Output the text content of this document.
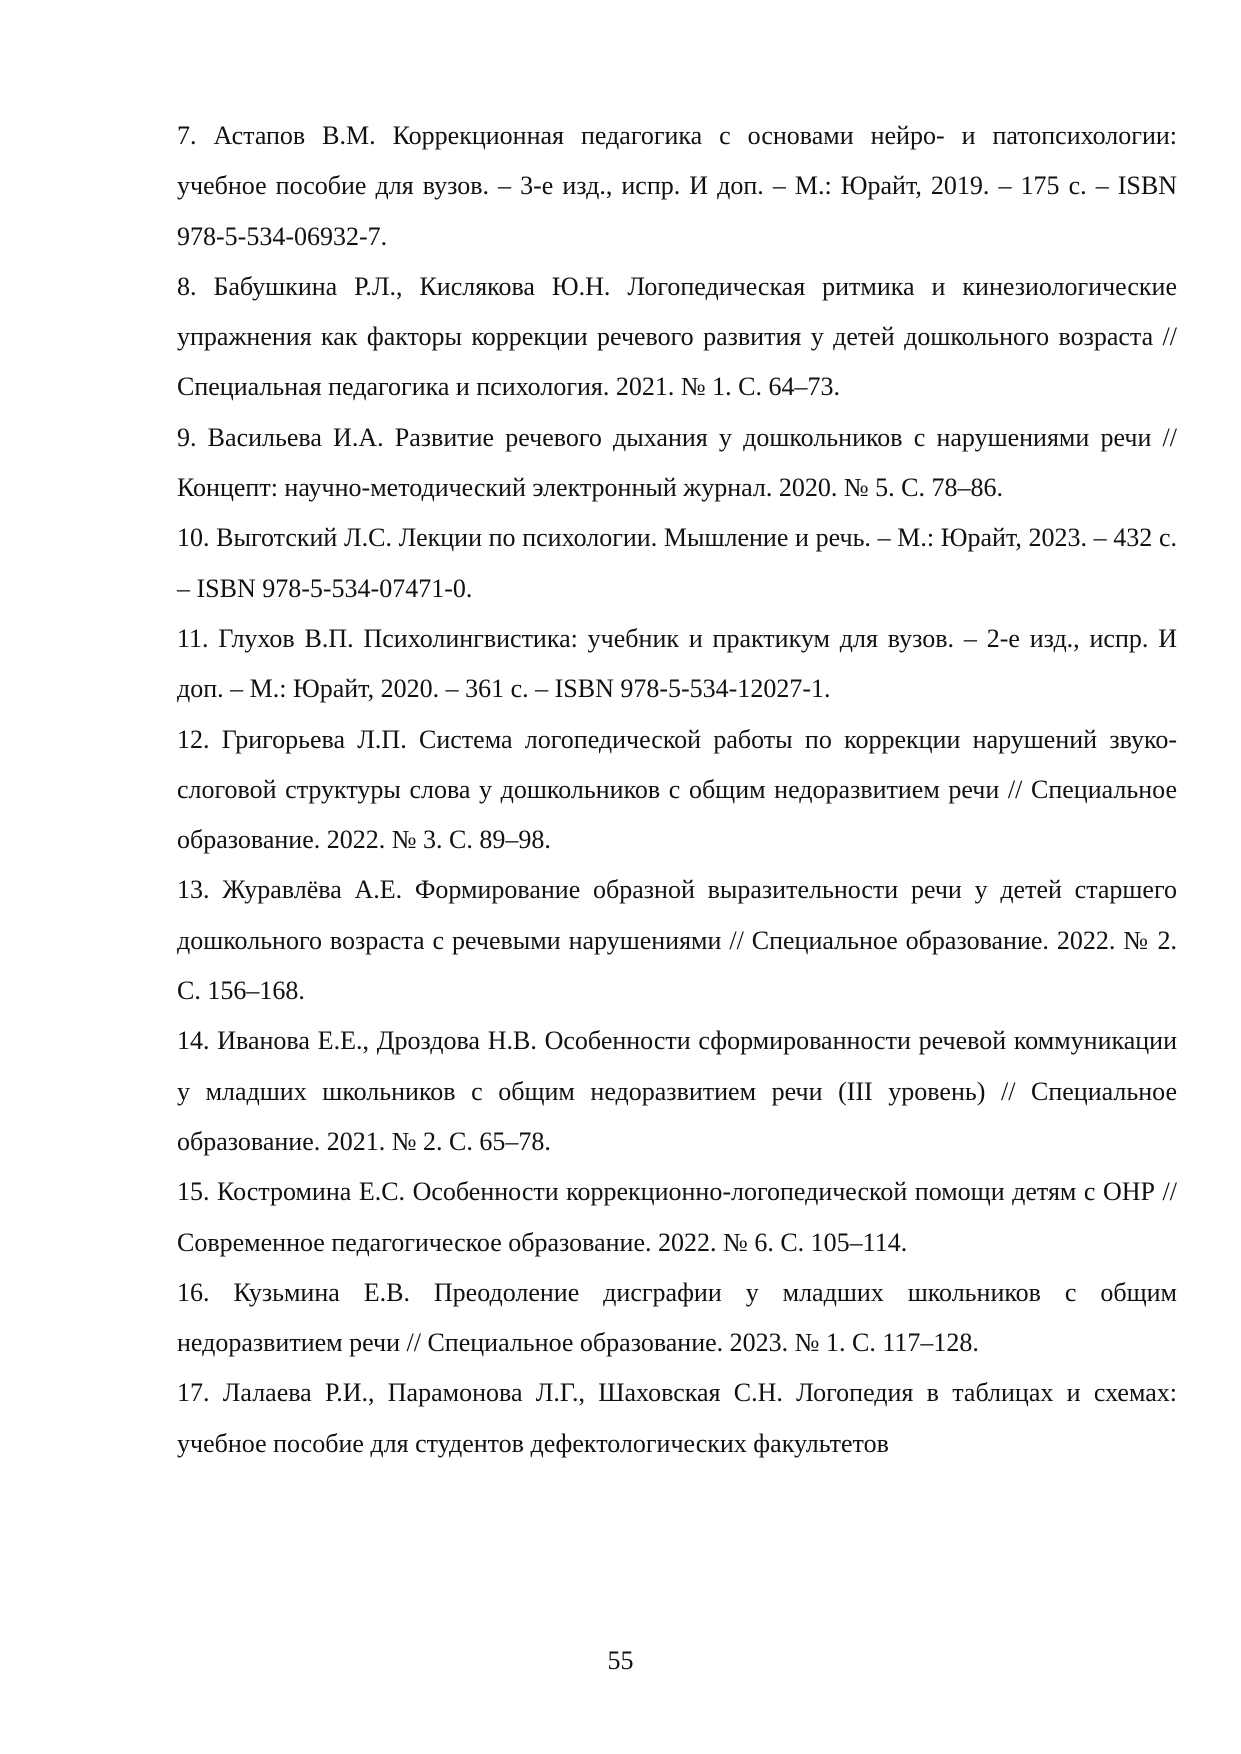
7. Астапов В.М. Коррекционная педагогика с основами нейро- и патопсихологии: учебное пособие для вузов. – 3-е изд., испр. И доп. – М.: Юрайт, 2019. – 175 с. – ISBN 978-5-534-06932-7.
8. Бабушкина Р.Л., Кислякова Ю.Н. Логопедическая ритмика и кинезиологические упражнения как факторы коррекции речевого развития у детей дошкольного возраста // Специальная педагогика и психология. 2021. № 1. С. 64–73.
9. Васильева И.А. Развитие речевого дыхания у дошкольников с нарушениями речи // Концепт: научно-методический электронный журнал. 2020. № 5. С. 78–86.
10. Выготский Л.С. Лекции по психологии. Мышление и речь. – М.: Юрайт, 2023. – 432 с. – ISBN 978-5-534-07471-0.
11. Глухов В.П. Психолингвистика: учебник и практикум для вузов. – 2-е изд., испр. И доп. – М.: Юрайт, 2020. – 361 с. – ISBN 978-5-534-12027-1.
12. Григорьева Л.П. Система логопедической работы по коррекции нарушений звуко-слоговой структуры слова у дошкольников с общим недоразвитием речи // Специальное образование. 2022. № 3. С. 89–98.
13. Журавлёва А.Е. Формирование образной выразительности речи у детей старшего дошкольного возраста с речевыми нарушениями // Специальное образование. 2022. № 2. С. 156–168.
14. Иванова Е.Е., Дроздова Н.В. Особенности сформированности речевой коммуникации у младших школьников с общим недоразвитием речи (III уровень) // Специальное образование. 2021. № 2. С. 65–78.
15. Костромина Е.С. Особенности коррекционно-логопедической помощи детям с ОНР // Современное педагогическое образование. 2022. № 6. С. 105–114.
16. Кузьмина Е.В. Преодоление дисграфии у младших школьников с общим недоразвитием речи // Специальное образование. 2023. № 1. С. 117–128.
17. Лалаева Р.И., Парамонова Л.Г., Шаховская С.Н. Логопедия в таблицах и схемах: учебное пособие для студентов дефектологических факультетов
55
